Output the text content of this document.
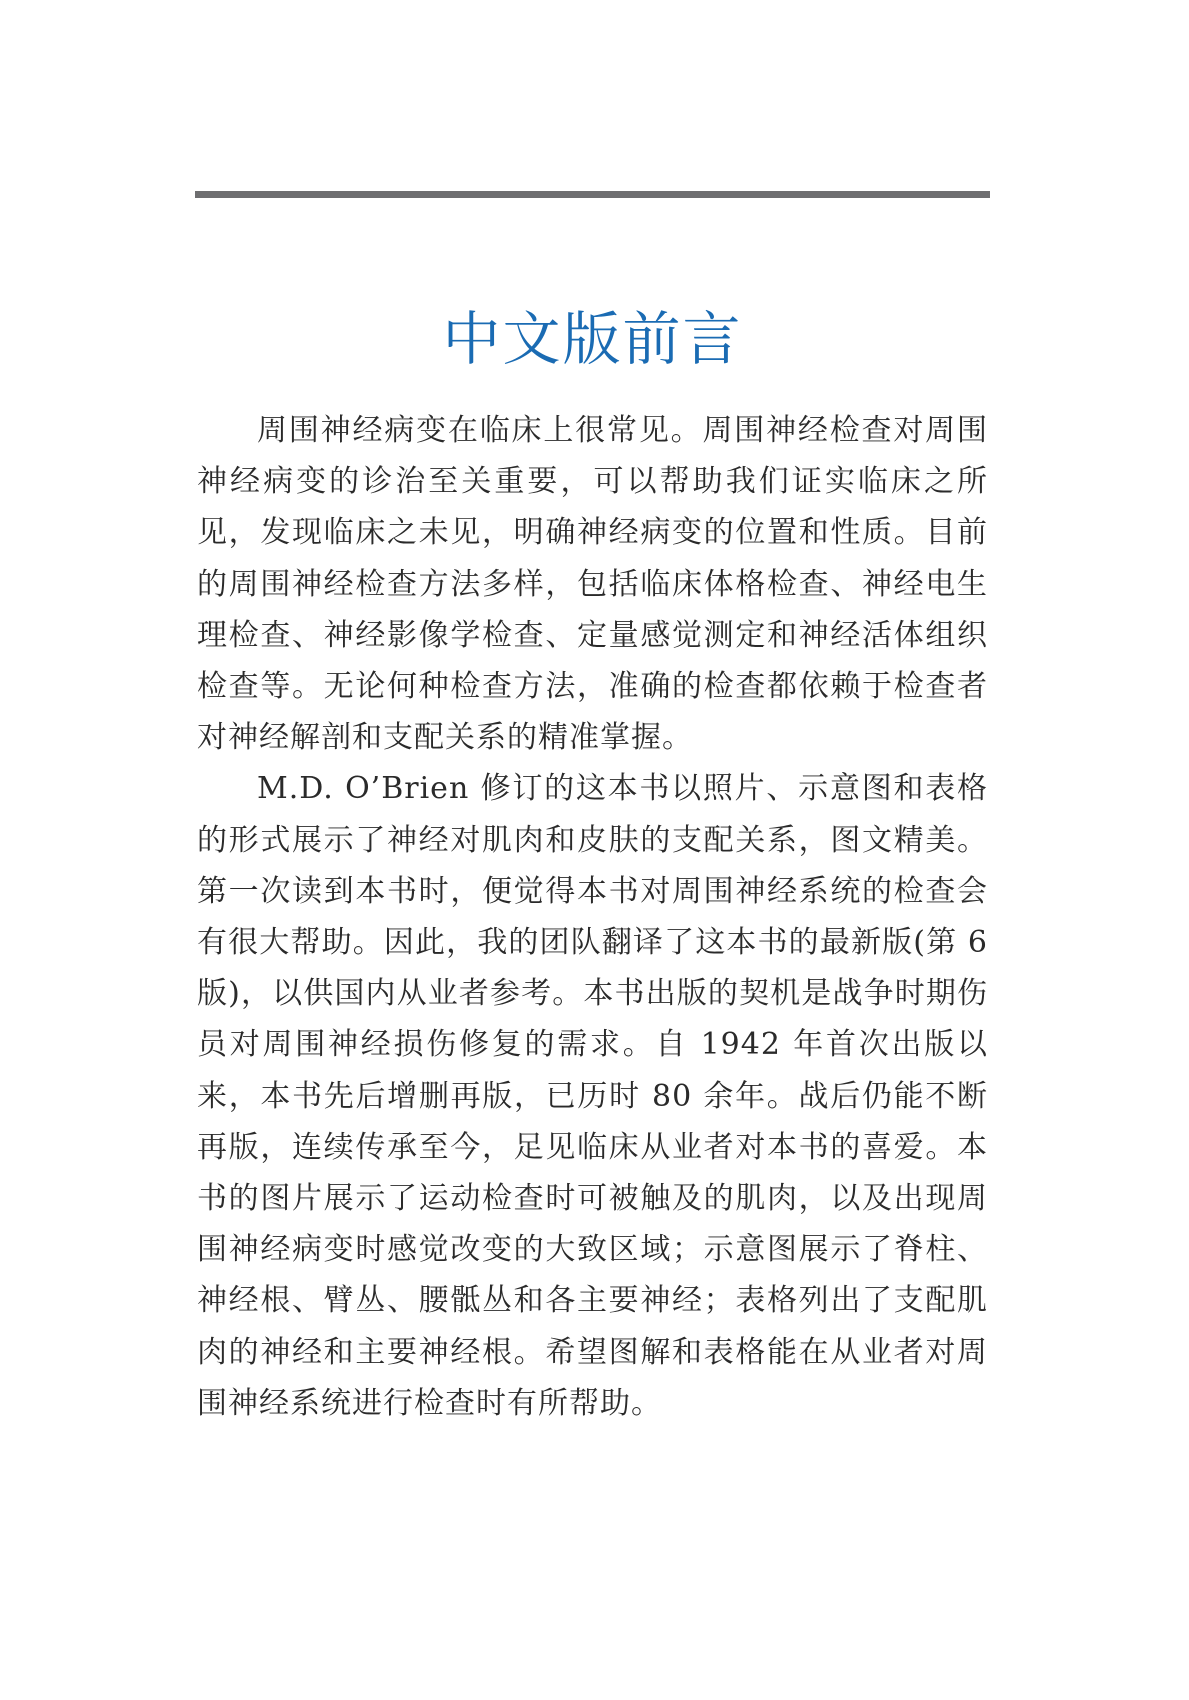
中文版前言

周围神经病变在临床上很常见。周围神经检查对周围神经病变的诊治至关重要，可以帮助我们证实临床之所见，发现临床之未见，明确神经病变的位置和性质。目前的周围神经检查方法多样，包括临床体格检查、神经电生理检查、神经影像学检查、定量感觉测定和神经活体组织检查等。无论何种检查方法，准确的检查都依赖于检查者对神经解剖和支配关系的精准掌握。

M.D. O’Brien 修订的这本书以照片、示意图和表格的形式展示了神经对肌肉和皮肤的支配关系，图文精美。第一次读到本书时，便觉得本书对周围神经系统的检查会有很大帮助。因此，我的团队翻译了这本书的最新版(第 6 版)，以供国内从业者参考。本书出版的契机是战争时期伤员对周围神经损伤修复的需求。自 1942 年首次出版以来，本书先后增删再版，已历时 80 余年。战后仍能不断再版，连续传承至今，足见临床从业者对本书的喜爱。本书的图片展示了运动检查时可被触及的肌肉，以及出现周围神经病变时感觉改变的大致区域；示意图展示了脊柱、神经根、臂丛、腰骶丛和各主要神经；表格列出了支配肌肉的神经和主要神经根。希望图解和表格能在从业者对周围神经系统进行检查时有所帮助。
